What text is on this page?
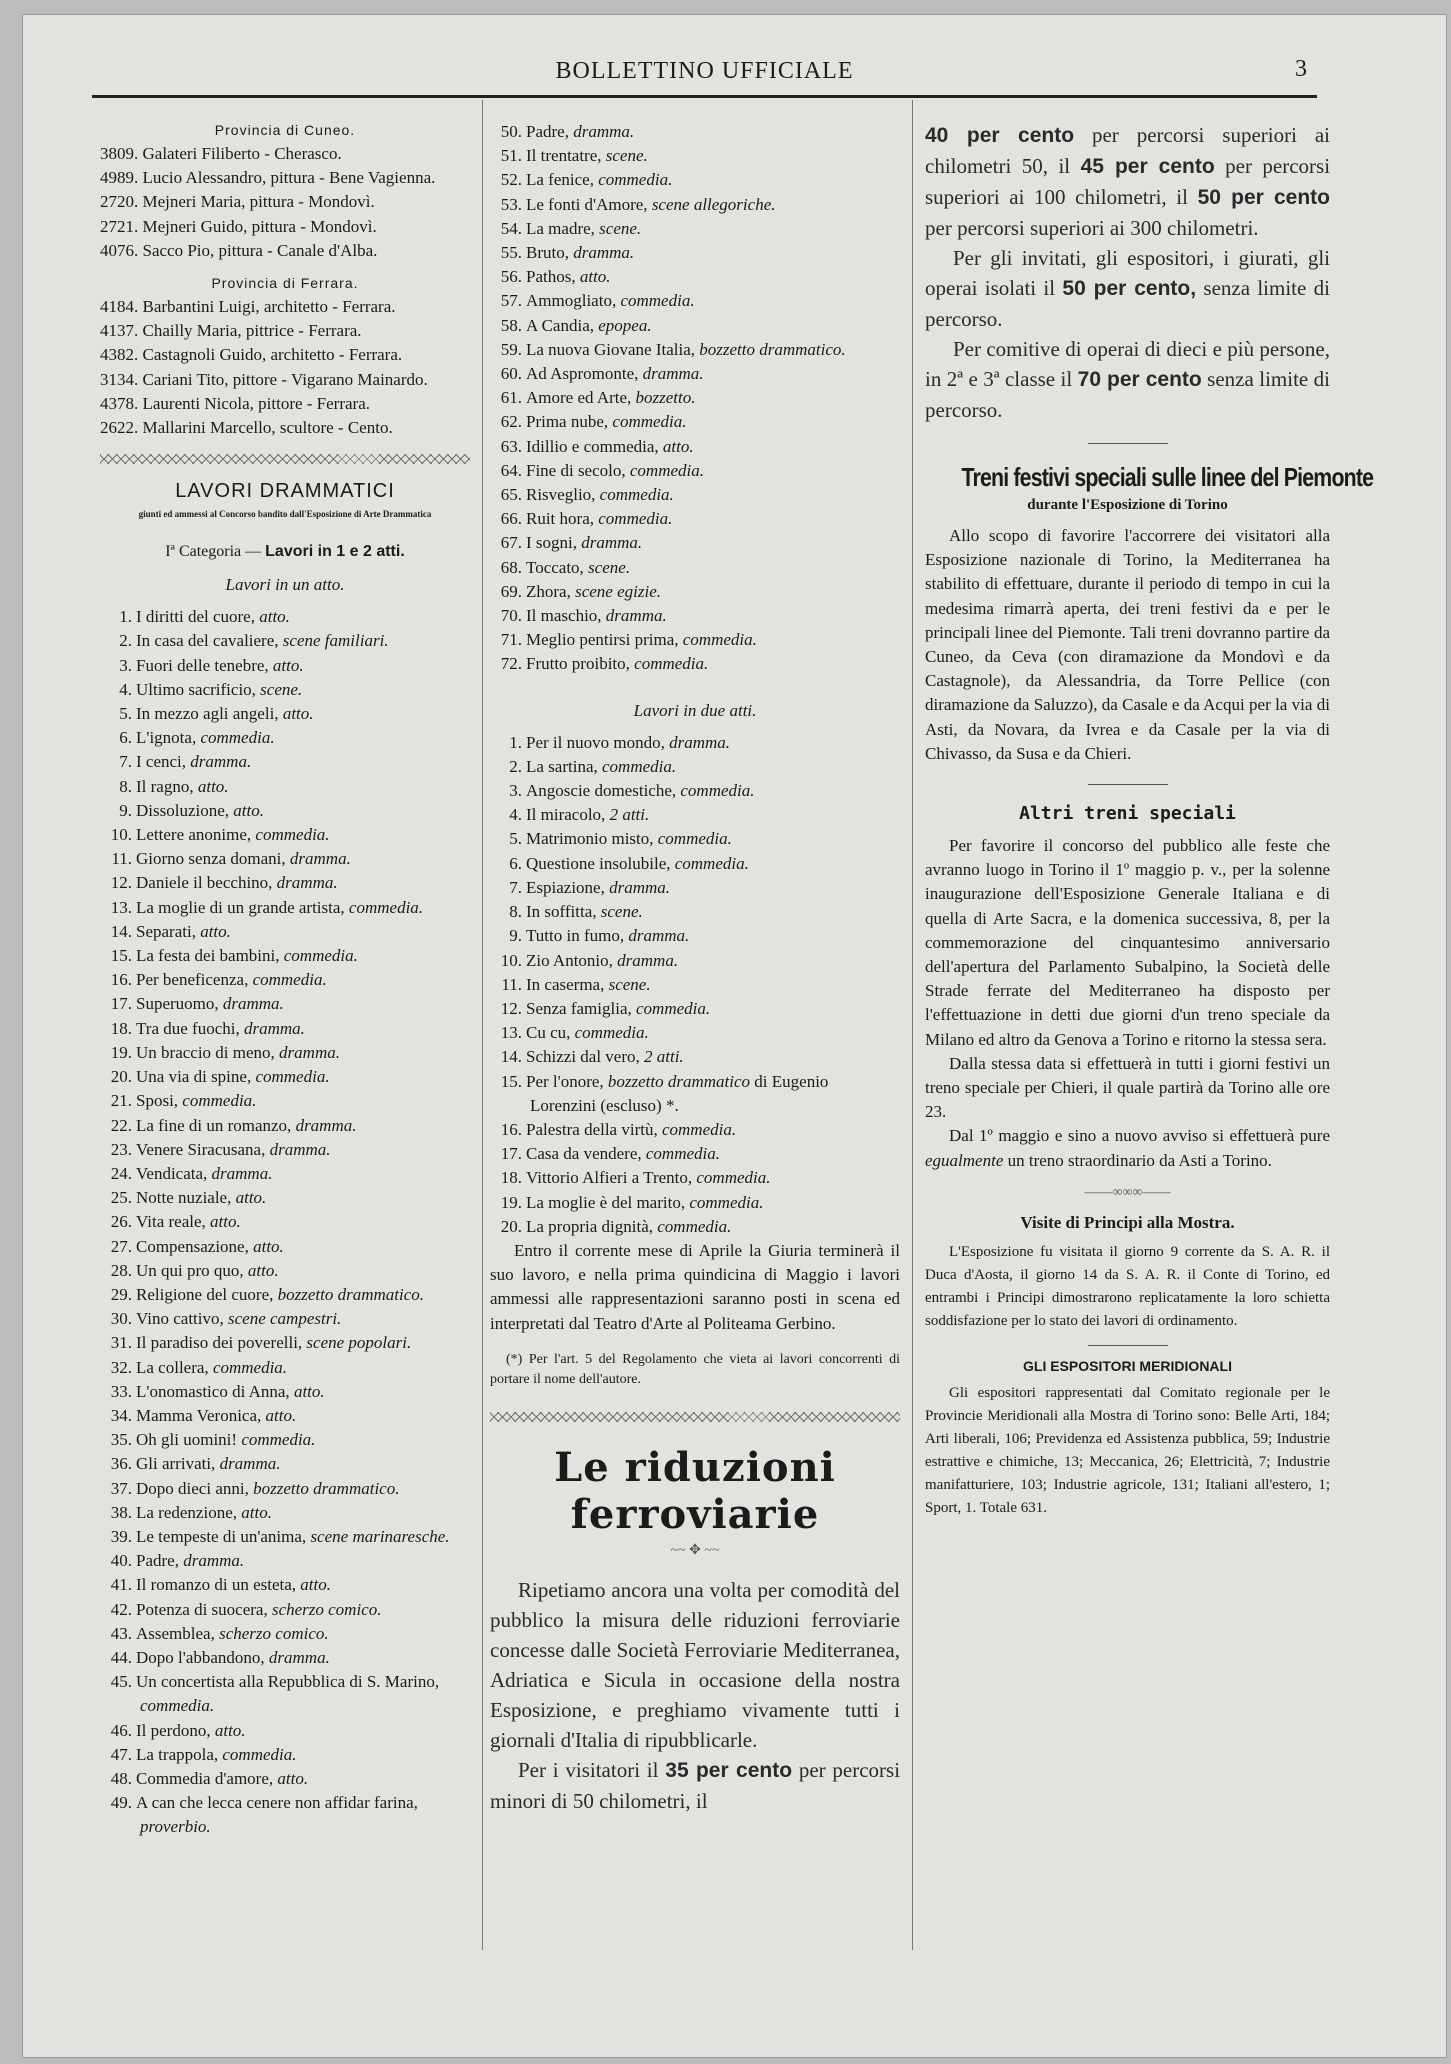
BOLLETTINO UFFICIALE	3
Provincia di Cuneo.
3809. Galateri Filiberto - Cherasco.
4989. Lucio Alessandro, pittura - Bene Vagienna.
2720. Mejneri Maria, pittura - Mondovì.
2721. Mejneri Guido, pittura - Mondovì.
4076. Sacco Pio, pittura - Canale d'Alba.
Provincia di Ferrara.
4184. Barbantini Luigi, architetto - Ferrara.
4137. Chailly Maria, pittrice - Ferrara.
4382. Castagnoli Guido, architetto - Ferrara.
3134. Cariani Tito, pittore - Vigarano Mainardo.
4378. Laurenti Nicola, pittore - Ferrara.
2622. Mallarini Marcello, scultore - Cento.
LAVORI DRAMMATICI
giunti ed ammessi al Concorso bandito dall'Esposizione di Arte Drammatica
Iª Categoria — Lavori in 1 e 2 atti.
Lavori in un atto.
1. I diritti del cuore, atto.
2. In casa del cavaliere, scene familiari.
3. Fuori delle tenebre, atto.
4. Ultimo sacrificio, scene.
5. In mezzo agli angeli, atto.
6. L'ignota, commedia.
7. I cenci, dramma.
8. Il ragno, atto.
9. Dissoluzione, atto.
10. Lettere anonime, commedia.
11. Giorno senza domani, dramma.
12. Daniele il becchino, dramma.
13. La moglie di un grande artista, commedia.
14. Separati, atto.
15. La festa dei bambini, commedia.
16. Per beneficenza, commedia.
17. Superuomo, dramma.
18. Tra due fuochi, dramma.
19. Un braccio di meno, dramma.
20. Una via di spine, commedia.
21. Sposi, commedia.
22. La fine di un romanzo, dramma.
23. Venere Siracusana, dramma.
24. Vendicata, dramma.
25. Notte nuziale, atto.
26. Vita reale, atto.
27. Compensazione, atto.
28. Un qui pro quo, atto.
29. Religione del cuore, bozzetto drammatico.
30. Vino cattivo, scene campestri.
31. Il paradiso dei poverelli, scene popolari.
32. La collera, commedia.
33. L'onomastico di Anna, atto.
34. Mamma Veronica, atto.
35. Oh gli uomini! commedia.
36. Gli arrivati, dramma.
37. Dopo dieci anni, bozzetto drammatico.
38. La redenzione, atto.
39. Le tempeste di un'anima, scene marinaresche.
40. Padre, dramma.
41. Il romanzo di un esteta, atto.
42. Potenza di suocera, scherzo comico.
43. Assemblea, scherzo comico.
44. Dopo l'abbandono, dramma.
45. Un concertista alla Repubblica di S. Marino,
commedia.
46. Il perdono, atto.
47. La trappola, commedia.
48. Commedia d'amore, atto.
49. A can che lecca cenere non affidar farina,
proverbio.
50. Padre, dramma.
51. Il trentatre, scene.
52. La fenice, commedia.
53. Le fonti d'Amore, scene allegoriche.
54. La madre, scene.
55. Bruto, dramma.
56. Pathos, atto.
57. Ammogliato, commedia.
58. A Candia, epopea.
59. La nuova Giovane Italia, bozzetto drammatico.
60. Ad Aspromonte, dramma.
61. Amore ed Arte, bozzetto.
62. Prima nube, commedia.
63. Idillio e commedia, atto.
64. Fine di secolo, commedia.
65. Risveglio, commedia.
66. Ruit hora, commedia.
67. I sogni, dramma.
68. Toccato, scene.
69. Zhora, scene egizie.
70. Il maschio, dramma.
71. Meglio pentirsi prima, commedia.
72. Frutto proibito, commedia.
Lavori in due atti.
1. Per il nuovo mondo, dramma.
2. La sartina, commedia.
3. Angoscie domestiche, commedia.
4. Il miracolo, 2 atti.
5. Matrimonio misto, commedia.
6. Questione insolubile, commedia.
7. Espiazione, dramma.
8. In soffitta, scene.
9. Tutto in fumo, dramma.
10. Zio Antonio, dramma.
11. In caserma, scene.
12. Senza famiglia, commedia.
13. Cu cu, commedia.
14. Schizzi dal vero, 2 atti.
15. Per l'onore, bozzetto drammatico di Eugenio
Lorenzini (escluso) *.
16. Palestra della virtù, commedia.
17. Casa da vendere, commedia.
18. Vittorio Alfieri a Trento, commedia.
19. La moglie è del marito, commedia.
20. La propria dignità, commedia.

Entro il corrente mese di Aprile la Giuria terminerà il suo lavoro, e nella prima quindicina di Maggio i lavori ammessi alle rappresentazioni saranno posti in scena ed interpretati dal Teatro d'Arte al Politeama Gerbino.

(*) Per l'art. 5 del Regolamento che vieta ai lavori concorrenti di portare il nome dell'autore.
Le riduzioni ferroviarie
~~ ✥ ~~

Ripetiamo ancora una volta per comodità del pubblico la misura delle riduzioni ferroviarie concesse dalle Società Ferroviarie Mediterranea, Adriatica e Sicula in occasione della nostra Esposizione, e preghiamo vivamente tutti i giornali d'Italia di ripubblicarle.

Per i visitatori il 35 per cento per percorsi minori di 50 chilometri, il

40 per cento per percorsi superiori ai chilometri 50, il 45 per cento per percorsi superiori ai 100 chilometri, il 50 per cento per percorsi superiori ai 300 chilometri.

Per gli invitati, gli espositori, i giurati, gli operai isolati il 50 per cento, senza limite di percorso.

Per comitive di operai di dieci e più persone, in 2ª e 3ª classe il 70 per cento senza limite di percorso.

Treni festivi speciali sulle linee del Piemonte
durante l'Esposizione di Torino

Allo scopo di favorire l'accorrere dei visitatori alla Esposizione nazionale di Torino, la Mediterranea ha stabilito di effettuare, durante il periodo di tempo in cui la medesima rimarrà aperta, dei treni festivi da e per le principali linee del Piemonte. Tali treni dovranno partire da Cuneo, da Ceva (con diramazione da Mondovì e da Castagnole), da Alessandria, da Torre Pellice (con diramazione da Saluzzo), da Casale e da Acqui per la via di Asti, da Novara, da Ivrea e da Casale per la via di Chivasso, da Susa e da Chieri.

Altri treni speciali

Per favorire il concorso del pubblico alle feste che avranno luogo in Torino il 1º maggio p. v., per la solenne inaugurazione dell'Esposizione Generale Italiana e di quella di Arte Sacra, e la domenica successiva, 8, per la commemorazione del cinquantesimo anniversario dell'apertura del Parlamento Subalpino, la Società delle Strade ferrate del Mediterraneo ha disposto per l'effettuazione in detti due giorni d'un treno speciale da Milano ed altro da Genova a Torino e ritorno la stessa sera.

Dalla stessa data si effettuerà in tutti i giorni festivi un treno speciale per Chieri, il quale partirà da Torino alle ore 23.

Dal 1º maggio e sino a nuovo avviso si effettuerà pure egualmente un treno straordinario da Asti a Torino.

——∞∞∞——
Visite di Principi alla Mostra.

L'Esposizione fu visitata il giorno 9 corrente da S. A. R. il Duca d'Aosta, il giorno 14 da S. A. R. il Conte di Torino, ed entrambi i Principi dimostrarono replicatamente la loro schietta soddisfazione per lo stato dei lavori di ordinamento.

GLI ESPOSITORI MERIDIONALI

Gli espositori rappresentati dal Comitato regionale per le Provincie Meridionali alla Mostra di Torino sono: Belle Arti, 184; Arti liberali, 106; Previdenza ed Assistenza pubblica, 59; Industrie estrattive e chimiche, 13; Meccanica, 26; Elettricità, 7; Industrie manifatturiere, 103; Industrie agricole, 131; Italiani all'estero, 1; Sport, 1. Totale 631.
